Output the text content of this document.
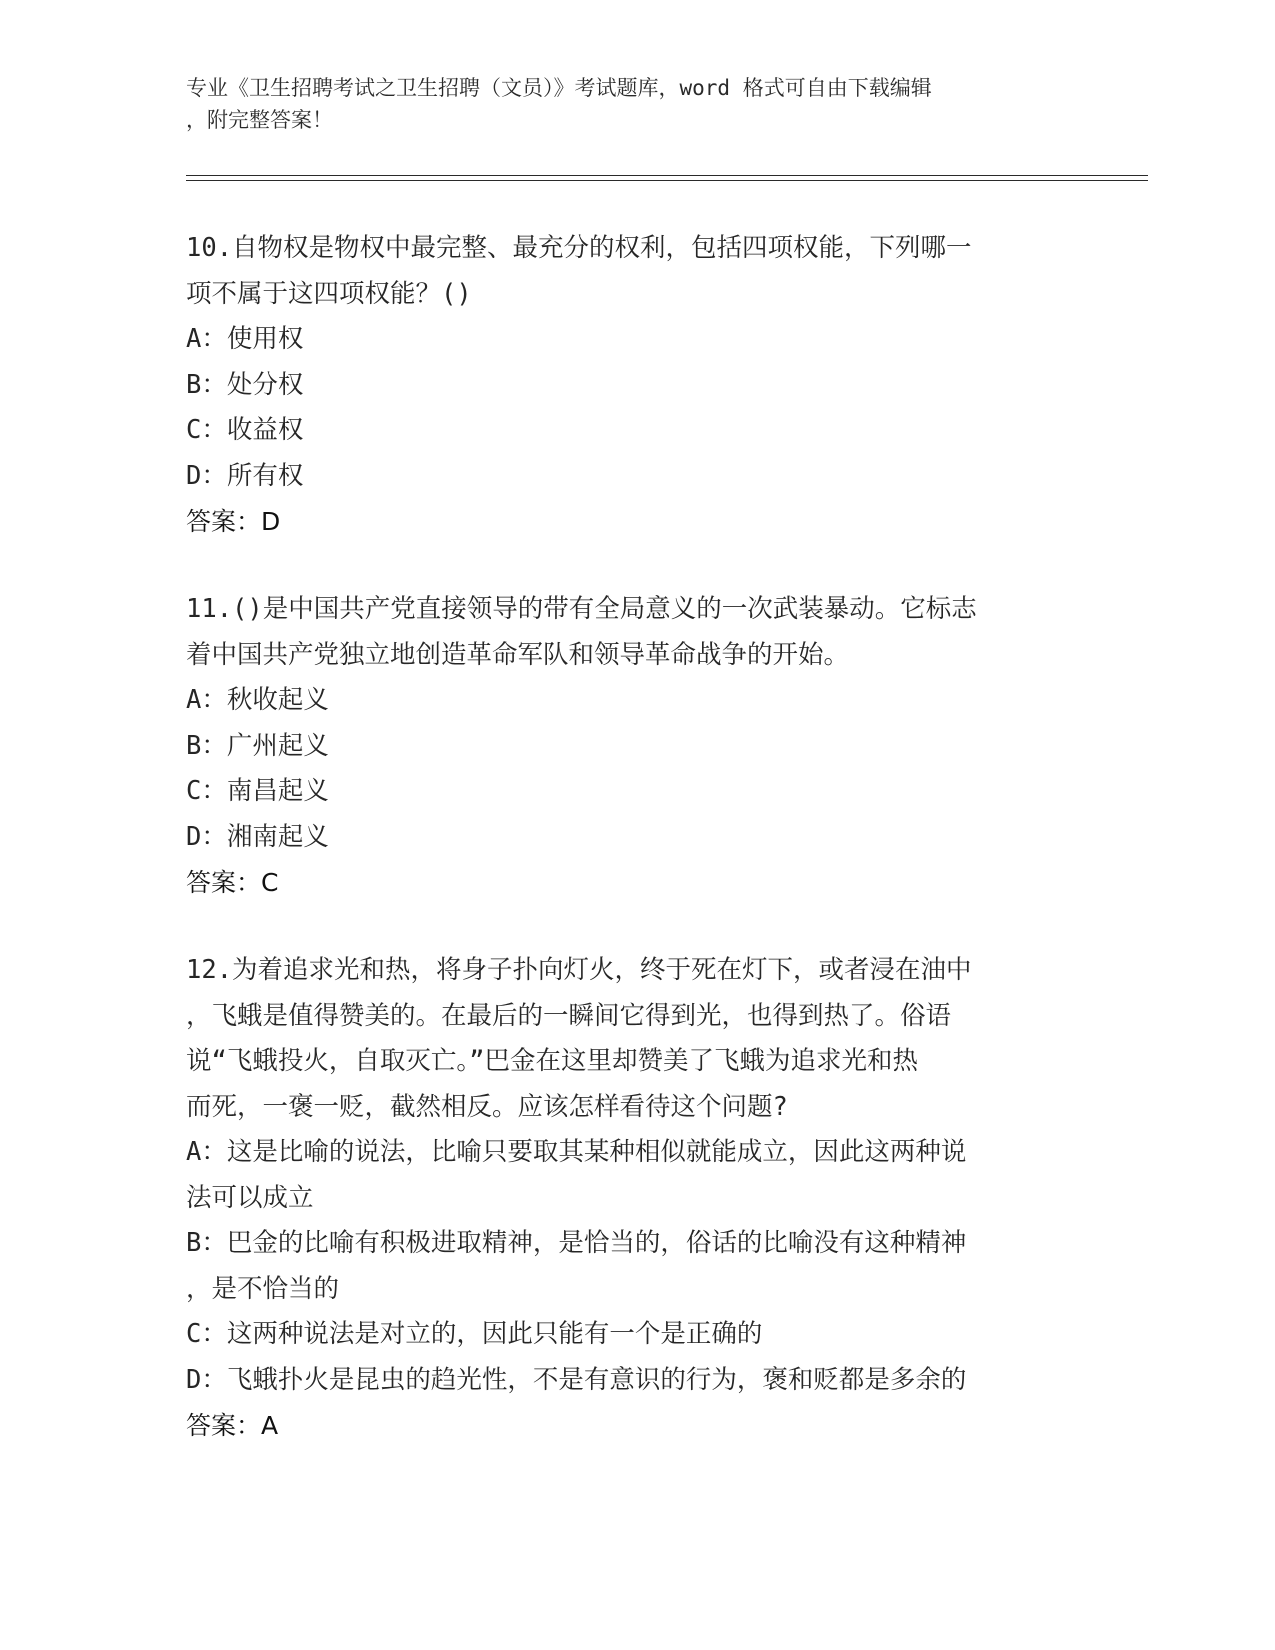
专业《卫生招聘考试之卫生招聘（文员）》考试题库，word 格式可自由下载编辑

，附完整答案！

10.自物权是物权中最完整、最充分的权利，包括四项权能，下列哪一

项不属于这四项权能？()

A：使用权

B：处分权

C：收益权

D：所有权

答案：D

11.()是中国共产党直接领导的带有全局意义的一次武装暴动。它标志

着中国共产党独立地创造革命军队和领导革命战争的开始。

A：秋收起义

B：广州起义

C：南昌起义

D：湘南起义

答案：C

12.为着追求光和热，将身子扑向灯火，终于死在灯下，或者浸在油中

，飞蛾是值得赞美的。在最后的一瞬间它得到光，也得到热了。俗语

说“飞蛾投火，自取灭亡。”巴金在这里却赞美了飞蛾为追求光和热

而死，一褒一贬，截然相反。应该怎样看待这个问题?

A：这是比喻的说法，比喻只要取其某种相似就能成立，因此这两种说

法可以成立

B：巴金的比喻有积极进取精神，是恰当的，俗话的比喻没有这种精神

，是不恰当的

C：这两种说法是对立的，因此只能有一个是正确的

D：飞蛾扑火是昆虫的趋光性，不是有意识的行为，褒和贬都是多余的

答案：A
